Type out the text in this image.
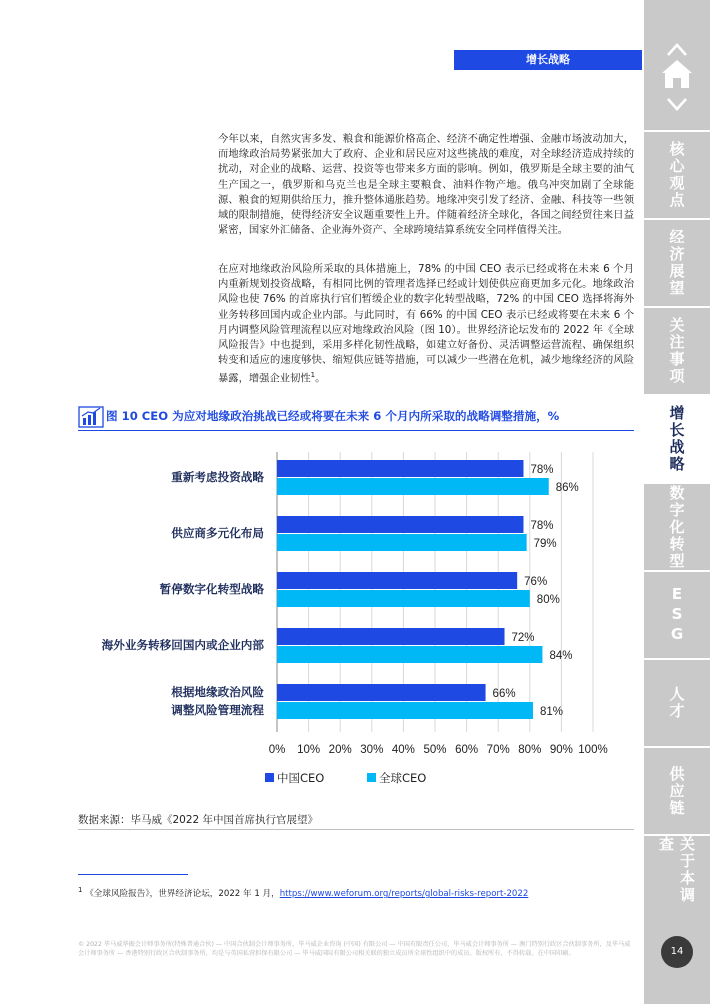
增长战略
核心观点
经济展望
关注事项
增长战略
数字化转型
ESG
人才
供应链
关于本调查
14

今年以来，自然灾害多发、粮食和能源价格高企、经济不确定性增强、金融市场波动加大，而地缘政治局势紧张加大了政府、企业和居民应对这些挑战的难度，对全球经济造成持续的扰动，对企业的战略、运营、投资等也带来多方面的影响。例如，俄罗斯是全球主要的油气生产国之一，俄罗斯和乌克兰也是全球主要粮食、油料作物产地。俄乌冲突加剧了全球能源、粮食的短期供给压力，推升整体通胀趋势。地缘冲突引发了经济、金融、科技等一些领域的限制措施，使得经济安全议题重要性上升。伴随着经济全球化，各国之间经贸往来日益紧密，国家外汇储备、企业海外资产、全球跨境结算系统安全同样值得关注。

在应对地缘政治风险所采取的具体措施上，78% 的中国 CEO 表示已经或将在未来 6 个月内重新规划投资战略，有相同比例的管理者选择已经或计划使供应商更加多元化。地缘政治风险也使 76% 的首席执行官们暂缓企业的数字化转型战略，72% 的中国 CEO 选择将海外业务转移回国内或企业内部。与此同时，有 66% 的中国 CEO 表示已经或将要在未来 6 个月内调整风险管理流程以应对地缘政治风险（图 10）。世界经济论坛发布的 2022 年《全球风险报告》中也提到，采用多样化韧性战略，如建立好备份、灵活调整运营流程、确保组织转变和适应的速度够快、缩短供应链等措施，可以减少一些潜在危机，减少地缘经济的风险暴露，增强企业韧性$^1$。

图 10 CEO 为应对地缘政治挑战已经或将要在未来 6 个月内所采取的战略调整措施，%
0% 10% 20% 30% 40% 50% 60% 70% 80% 90% 100%
重新考虑投资战略	78%
86%
供应商多元化布局	78%
79%
暂停数字化转型战略	76%
80%
海外业务转移回国内或企业内部	72%
84%
根据地缘政治风险
调整风险管理流程
66%
81%
中国CEO	全球CEO
数据来源：毕马威《2022 年中国首席执行官展望》
$^1$ 《全球风险报告》，世界经济论坛，2022 年 1 月，https://www.weforum.org/reports/global-risks-report-2022
© 2022 毕马威华振会计师事务所(特殊普通合伙) — 中国合伙制会计师事务所，毕马威企业咨询 (中国) 有限公司 — 中国有限责任公司，毕马威会计师事务所 — 澳门特别行政区合伙制事务所，及毕马威会计师事务所 — 香港特别行政区合伙制事务所，均是与英国私营担保有限公司 — 毕马威国际有限公司相关联的独立成员所全球性组织中的成员。版权所有，不得转载。在中国印刷。
